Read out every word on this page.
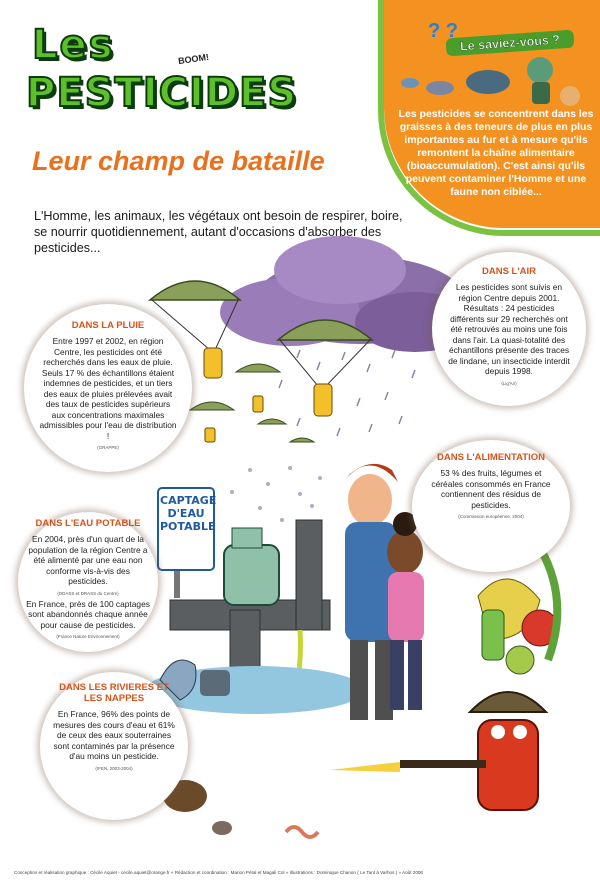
Les	BOOM!
PESTICIDES
Leur champ de bataille
L'Homme, les animaux, les végétaux ont besoin de respirer, boire, se nourrir quotidiennement, autant d'occasions d'absorber des pesticides...
? ?
Le saviez-vous ?
Les pesticides se concentrent dans les graisses à des teneurs de plus en plus importantes au fur et à mesure qu'ils remontent la chaîne alimentaire (bioaccumulation). C'est ainsi qu'ils peuvent contaminer l'Homme et une faune non ciblée...
CAPTAGE
D'EAU
POTABLE
DANS L'AIR
Les pesticides sont suivis en région Centre depuis 2001. Résultats : 24 pesticides différents sur 29 recherchés ont été retrouvés au moins une fois dans l'air. La quasi-totalité des échantillons présente des traces de lindane, un insecticide interdit depuis 1998.
(Lig'Air)
DANS LA PLUIE
Entre 1997 et 2002, en région Centre, les pesticides ont été recherchés dans les eaux de pluie. Seuls 17 % des échantillons étaient indemnes de pesticides, et un tiers des eaux de pluies prélevées avait des taux de pesticides supérieurs aux concentrations maximales admissibles pour l'eau de distribution !
(GRAPPE)
DANS L'ALIMENTATION
53 % des fruits, légumes et céréales consommés en France contiennent des résidus de pesticides.
(Commission européenne, 2004)
DANS L'EAU POTABLE
En 2004, près d'un quart de la population de la région Centre a été alimenté par une eau non conforme vis-à-vis des pesticides.
(DDASS et DRASS du Centre)
En France, près de 100 captages sont abandonnés chaque année pour cause de pesticides.
(France Nature Environnement)
DANS LES RIVIERES ET LES NAPPES
En France, 96% des points de mesures des cours d'eau et 61% de ceux des eaux souterraines sont contaminés par la présence d'au moins un pesticide.
(IFEN, 2003-2004)
Conception et réalisation graphique : Cécile Aquiet - cecile.aquiet@orange.fr » Rédaction et coordination : Marion Pétal et Magali Col » Illustrations : Dominique Chanon ( Le Tant à Varhos ) » Août 2006
